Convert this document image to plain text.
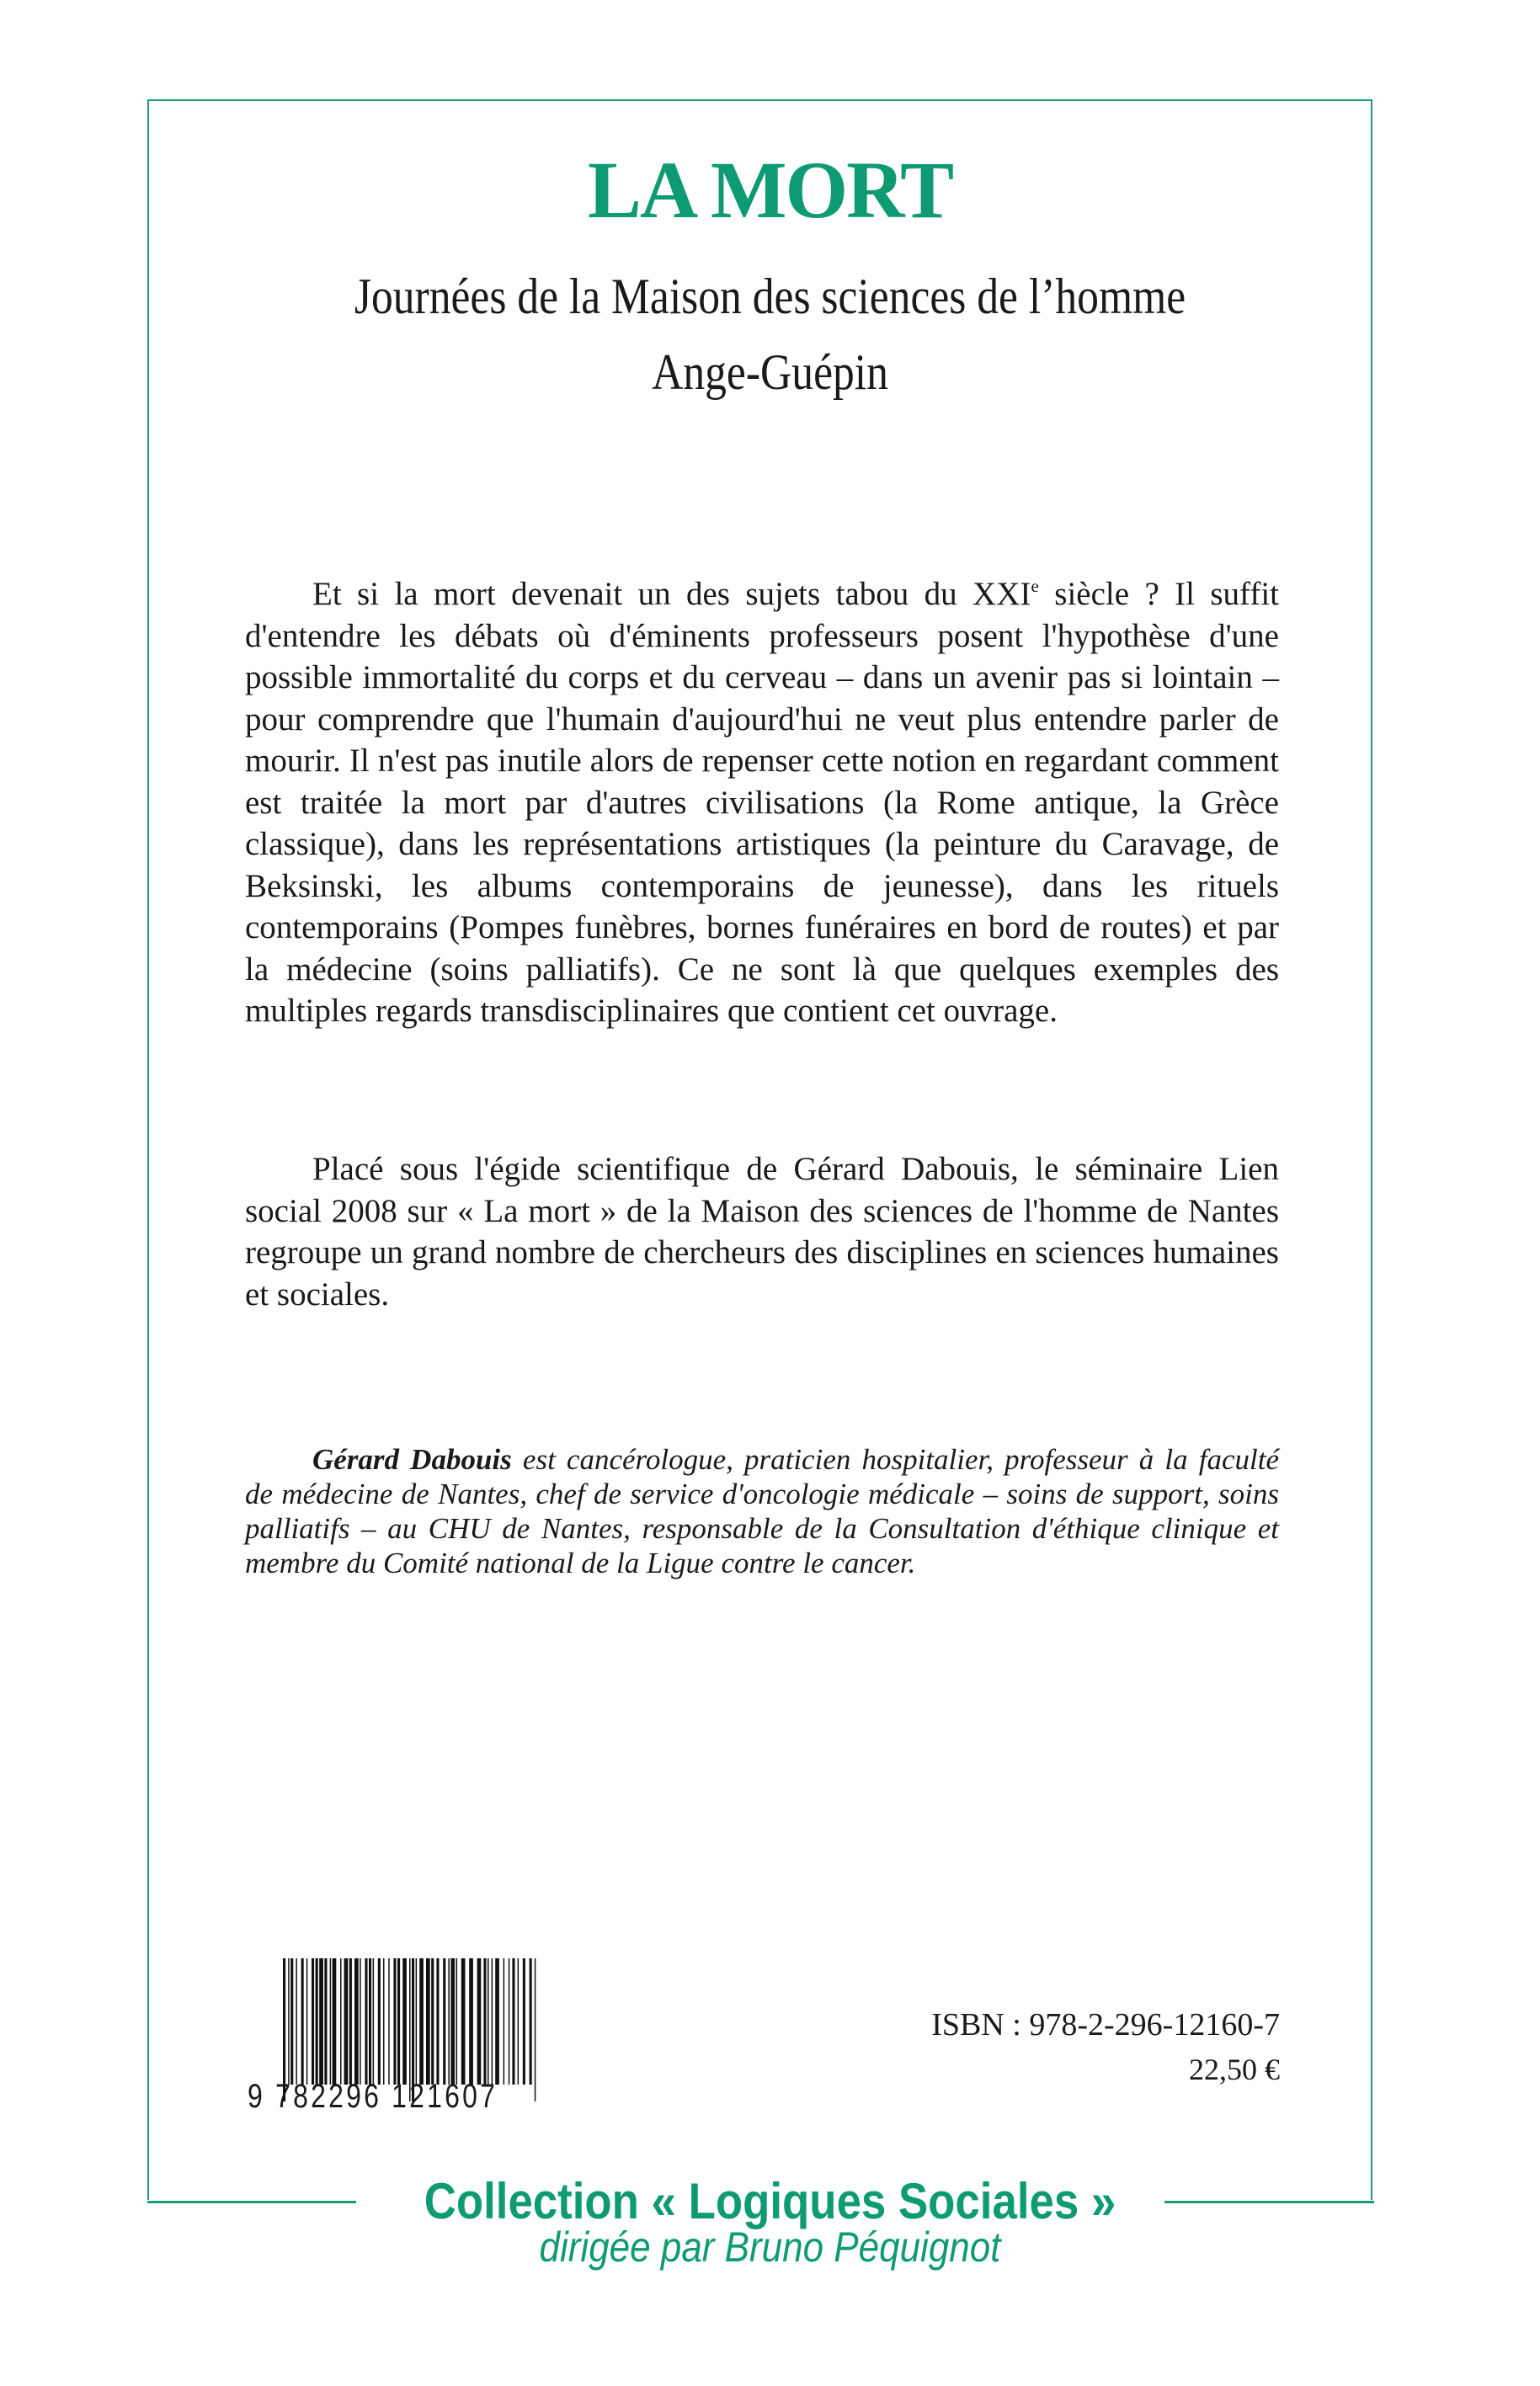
LA MORT
Journées de la Maison des sciences de l’homme
Ange-Guépin

Et si la mort devenait un des sujets tabou du XXIe siècle ? Il suffit d'entendre les débats où d'éminents professeurs posent l'hypothèse d'une possible immortalité du corps et du cerveau – dans un avenir pas si lointain – pour comprendre que l'humain d'aujourd'hui ne veut plus entendre parler de mourir. Il n'est pas inutile alors de repenser cette notion en regardant comment est traitée la mort par d'autres civilisations (la Rome antique, la Grèce classique), dans les représentations artistiques (la peinture du Caravage, de Beksinski, les albums contemporains de jeunesse), dans les rituels contemporains (Pompes funèbres, bornes funéraires en bord de routes) et par la médecine (soins palliatifs). Ce ne sont là que quelques exemples des multiples regards transdisciplinaires que contient cet ouvrage.

Placé sous l'égide scientifique de Gérard Dabouis, le séminaire Lien social 2008 sur « La mort » de la Maison des sciences de l'homme de Nantes regroupe un grand nombre de chercheurs des disciplines en sciences humaines et sociales.

Gérard Dabouis est cancérologue, praticien hospitalier, professeur à la faculté de médecine de Nantes, chef de service d'oncologie médicale – soins de support, soins palliatifs – au CHU de Nantes, responsable de la Consultation d'éthique clinique et membre du Comité national de la Ligue contre le cancer.
9 782296 121607
ISBN : 978-2-296-12160-7
22,50 €
Collection « Logiques Sociales »
dirigée par Bruno Péquignot
